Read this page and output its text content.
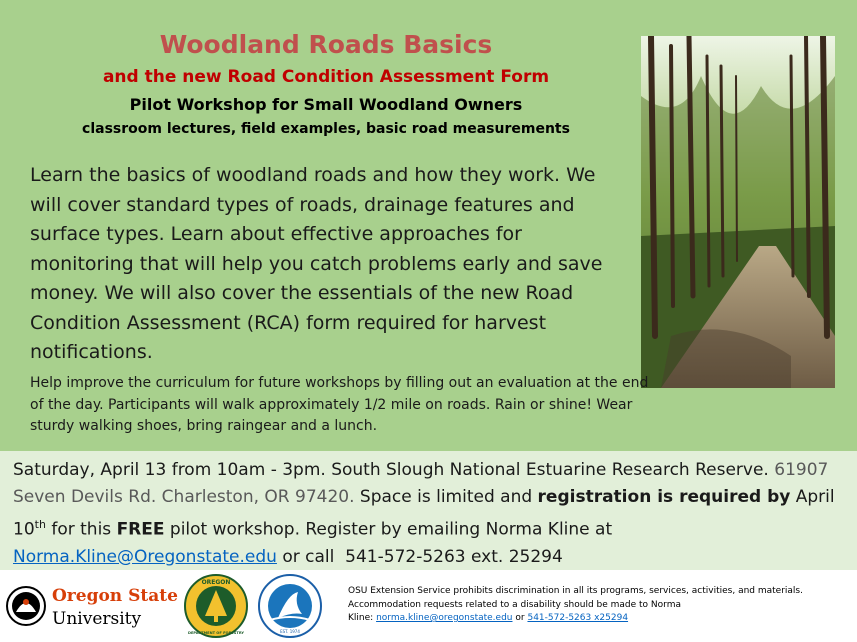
Woodland Roads Basics
and the new Road Condition Assessment Form
Pilot Workshop for Small Woodland Owners
classroom lectures, field examples, basic road measurements

Learn the basics of woodland roads and how they work. We will cover standard types of roads, drainage features and surface types. Learn about effective approaches for monitoring that will help you catch problems early and save money. We will also cover the essentials of the new Road Condition Assessment (RCA) form required for harvest notifications.

Help improve the curriculum for future workshops by filling out an evaluation at the end of the day. Participants will walk approximately 1/2 mile on roads. Rain or shine! Wear sturdy walking shoes, bring raingear and a lunch.

Saturday, April 13 from 10am - 3pm. South Slough National Estuarine Research Reserve. 61907 Seven Devils Rd. Charleston, OR 97420. Space is limited and registration is required by April 10th for this FREE pilot workshop. Register by emailing Norma Kline at
Norma.Kline@Oregonstate.edu or call 541-572-5263 ext. 25294

Oregon State
University
OREGON
DEPARTMENT OF FORESTRY	EST. 1974

OSU Extension Service prohibits discrimination in all its programs, services, activities, and materials.
Accommodation requests related to a disability should be made to Norma
Kline: norma.kline@oregonstate.edu or 541-572-5263 x25294
